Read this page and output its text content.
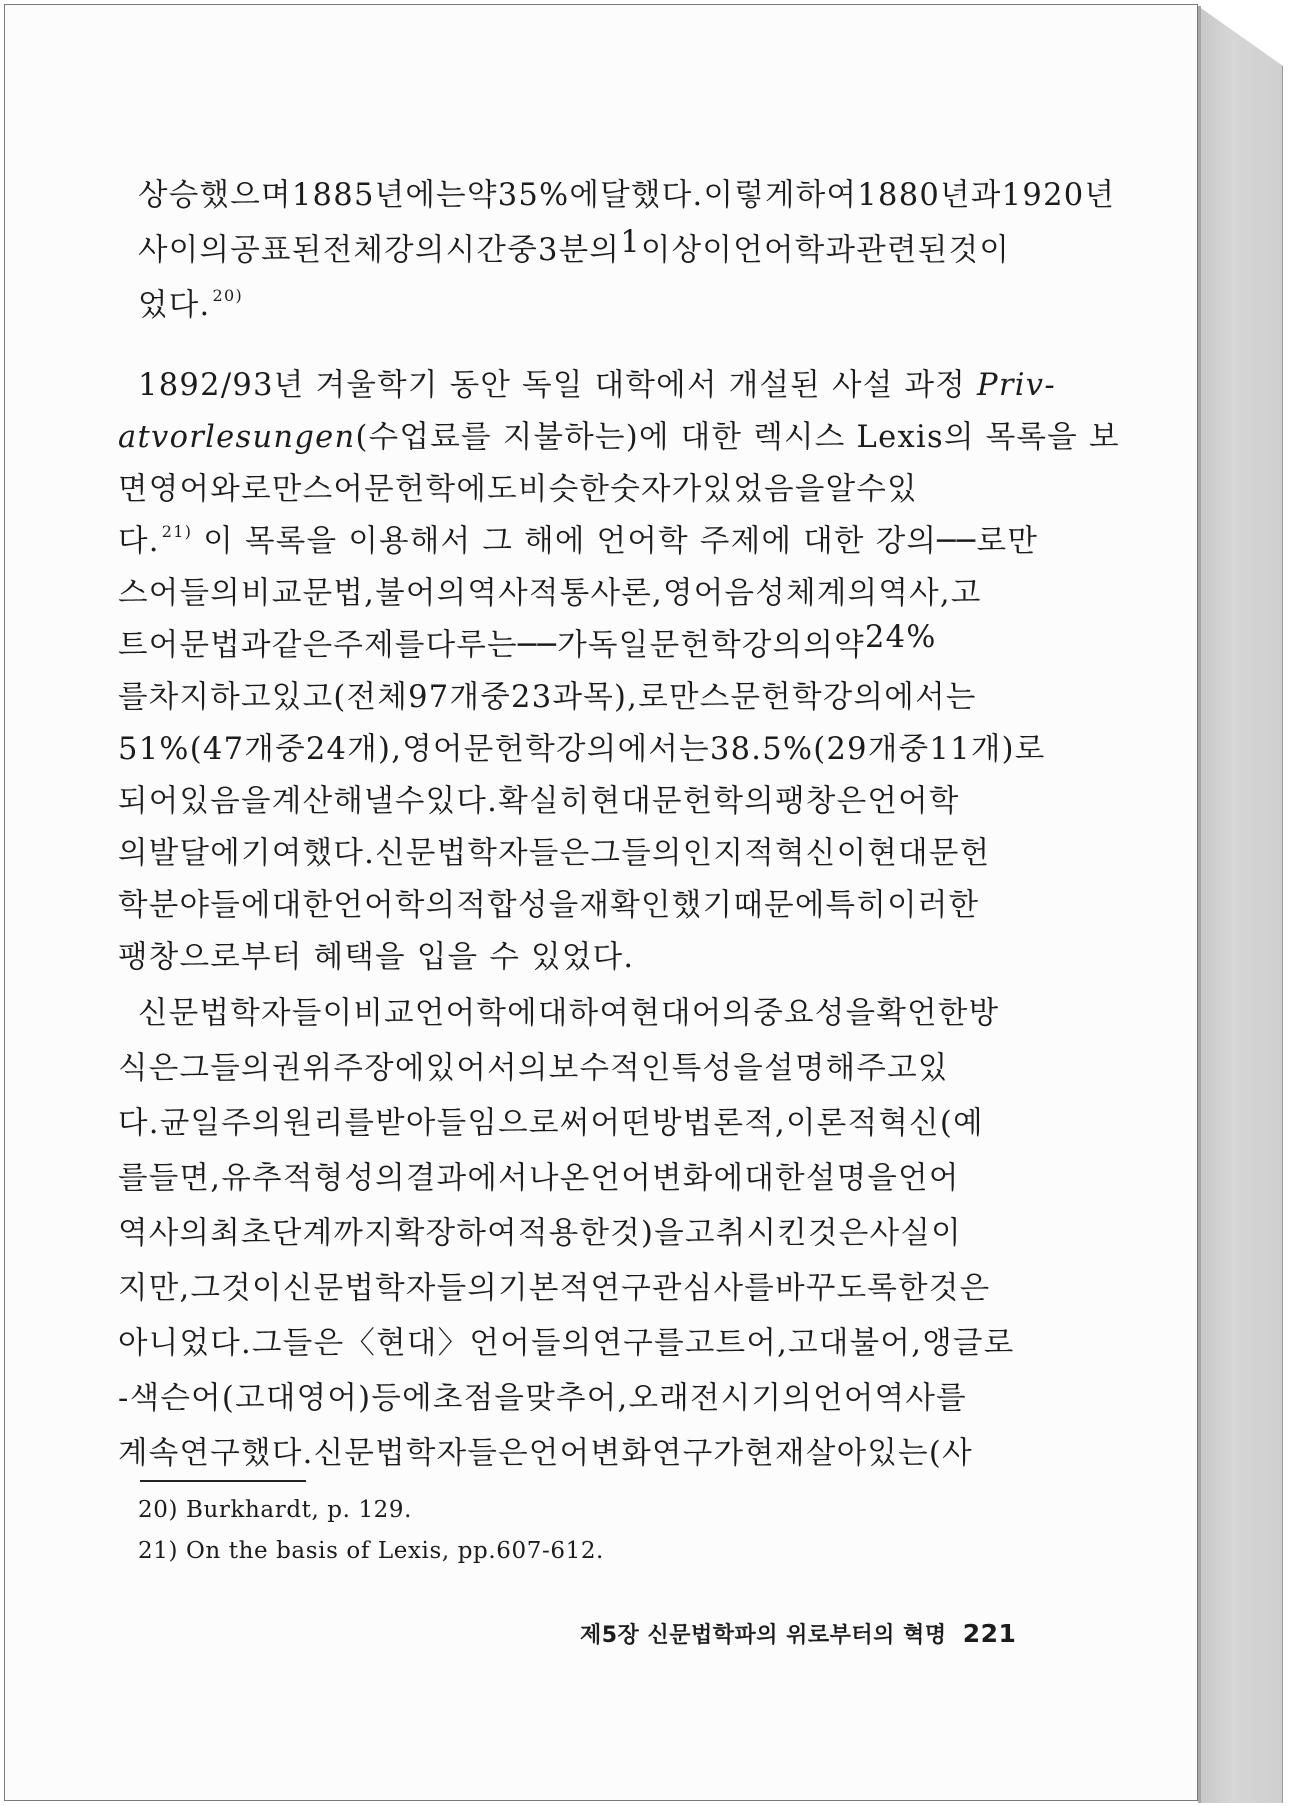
상승했으며 1885년에는 약 35%에 달했다. 이렇게 하여 1880년과 1920년
사이의 공표된 전체 강의 시간 중 3분의 1 이상이 언어학과 관련된 것이
었다. $^{20)}$
1892/93년 겨울학기 동안 독일 대학에서 개설된 사설 과정 Priv-
atvorlesungen(수업료를 지불하는)에 대한 렉시스 Lexis의 목록을 보
면 영어와 로만스어 문헌학에도 비슷한 숫자가 있었음을 알 수 있
다. $^{21)}$ 이 목록을 이용해서 그 해에 언어학 주제에 대한 강의──로만
스어들의 비교문법, 불어의 역사적 통사론, 영어 음성 체계의 역사, 고
트어 문법과 같은 주제를 다루는──가 독일 문헌학 강의의 약 24%
를 차지하고 있고(전체 97개 중 23과목), 로만스 문헌학 강의에서는
51%(47개 중 24개), 영어 문헌학 강의에서는 38.5%(29개 중 11개)로
되어 있음을 계산해 낼 수 있다. 확실히 현대문헌학의 팽창은 언어학
의 발달에 기여했다. 신문법학자들은 그들의 인지적 혁신이 현대문헌
학 분야들에 대한 언어학의 적합성을 재확인했기 때문에 특히 이러한
팽창으로부터 혜택을 입을 수 있었다.
신문법학자들이 비교언어학에 대하여 현대어의 중요성을 확언한 방
식은 그들의 권위 주장에 있어서의 보수적인 특성을 설명해 주고 있
다. 균일주의 원리를 받아들임으로써 어떤 방법론적, 이론적 혁신(예
를 들면, 유추적 형성의 결과에서 나온 언어 변화에 대한 설명을 언어
역사의 최초 단계까지 확장하여 적용한 것)을 고취시킨 것은 사실이
지만, 그것이 신문법학자들의 기본적 연구 관심사를 바꾸도록 한 것은
아니었다. 그들은 〈현대〉 언어들의 연구를 고트어, 고대 불어, 앵글로
-색슨어(고대 영어) 등에 초점을 맞추어, 오래 전 시기의 언어 역사를
계속 연구했다. 신문법학자들은 언어 변화 연구가 현재 살아 있는(사
20) Burkhardt, p. 129.
21) On the basis of Lexis, pp.607-612.
제5장 신문법학파의 위로부터의 혁명 221
